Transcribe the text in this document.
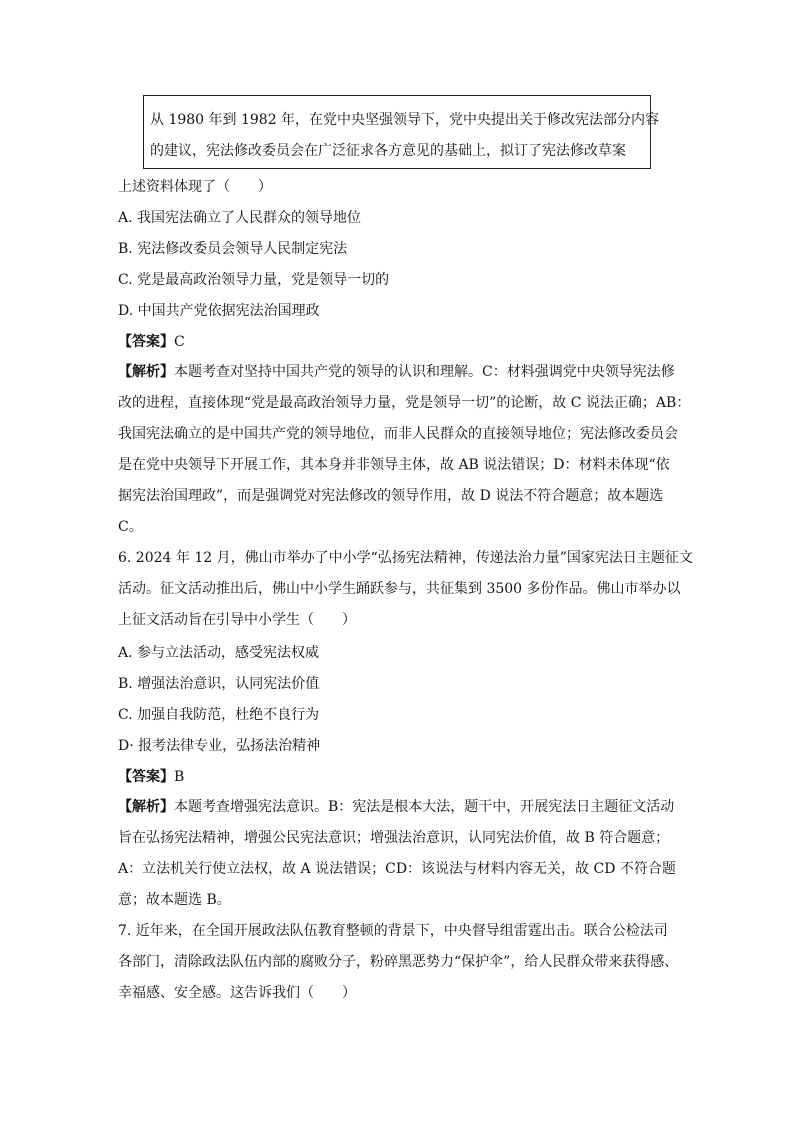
从 1980 年到 1982 年，在党中央坚强领导下，党中央提出关于修改宪法部分内容
的建议，宪法修改委员会在广泛征求各方意见的基础上，拟订了宪法修改草案
上述资料体现了（　　）
A. 我国宪法确立了人民群众的领导地位
B. 宪法修改委员会领导人民制定宪法
C. 党是最高政治领导力量，党是领导一切的
D. 中国共产党依据宪法治国理政
【答案】C
【解析】本题考查对坚持中国共产党的领导的认识和理解。C：材料强调党中央领导宪法修
改的进程，直接体现“党是最高政治领导力量，党是领导一切”的论断，故 C 说法正确；AB：
我国宪法确立的是中国共产党的领导地位，而非人民群众的直接领导地位；宪法修改委员会
是在党中央领导下开展工作，其本身并非领导主体，故 AB 说法错误；D：材料未体现“依
据宪法治国理政”，而是强调党对宪法修改的领导作用，故 D 说法不符合题意；故本题选
C。
6. 2024 年 12 月，佛山市举办了中小学“弘扬宪法精神，传递法治力量”国家宪法日主题征文
活动。征文活动推出后，佛山中小学生踊跃参与，共征集到 3500 多份作品。佛山市举办以
上征文活动旨在引导中小学生（　　）
A. 参与立法活动，感受宪法权威
B. 增强法治意识，认同宪法价值
C. 加强自我防范，杜绝不良行为
D· 报考法律专业，弘扬法治精神
【答案】B
【解析】本题考查增强宪法意识。B：宪法是根本大法，题干中，开展宪法日主题征文活动
旨在弘扬宪法精神，增强公民宪法意识；增强法治意识，认同宪法价值，故 B 符合题意；
A：立法机关行使立法权，故 A 说法错误；CD：该说法与材料内容无关，故 CD 不符合题
意；故本题选 B。
7. 近年来，在全国开展政法队伍教育整顿的背景下，中央督导组雷霆出击。联合公检法司
各部门，清除政法队伍内部的腐败分子，粉碎黑恶势力“保护伞”，给人民群众带来获得感、
幸福感、安全感。这告诉我们（　　）
